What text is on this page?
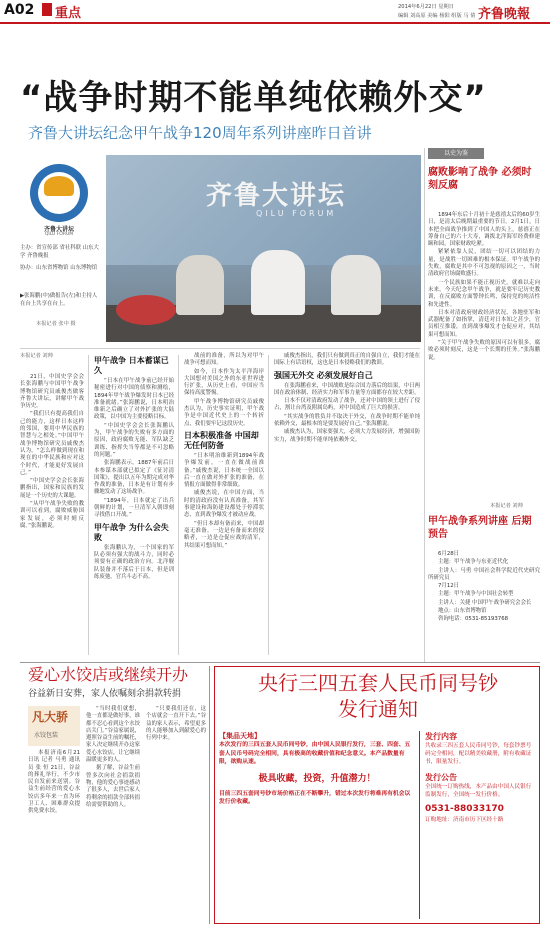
A02 重点	2014年6月22日 星期日
编辑 刘高原 美编 杨阳 组版 马 倩 齐鲁晚報
“战争时期不能单纯依赖外交”
齐鲁大讲坛纪念甲午战争120周年系列讲座昨日首讲
齐鲁大讲坛
QILU FORUM
主办：省宣传部 省社科联 山东大学 齐鲁晚报
协办：山东省博物馆 山东博物馆
▶张海鹏(中)做报告(左)和主持人在台上共享在台上。
本报记者 张中 摄
齐鲁大讲坛
QILU FORUM
以史为鉴
腐败影响了战争 必须时刻反腐

1894年东后十月初十是慈禧太后的60岁生日，是清太后晚期最重要的节日。2月1日，日本把全面战争推到了中国人的头上，慈禧正在筹备自己的六十大寿，调拨北洋海军经费修建颐和园，国家财政吃紧。

紧紧依靠人民，团结一切可以团结的力量，是战胜一切困难的根本保证。甲午战争的失败，腐败是其中不可忽视的原因之一，当时清政府官场腐败盛行。

一个民族如果不能正视历史，就难以走向未来。今天纪念甲午战争，就是要牢记历史教训，在反腐败方面警钟长鸣，保持党的纯洁性和先进性。

日本对清政府财政经济状况、各地驻军和武器配备了如指掌，清廷对日本知之甚少，官员相互推诿，直到战事爆发才仓促应对，其结果可想而知。

“关于甲午战争失败的原因可以有很多，腐败必须时刻反，这是一个长期的任务。”张海鹏说。

本报记者 刘帅
本报记者 刘帅

21日，中国史学会会长张海鹏与中国甲午战争博物馆研究员戚俊杰做客齐鲁大讲坛，讲解甲午战争历史。

“我们只有提高我们自己的能力，这样日本这样的邻国，要用中华民族的智慧与之相处。”中国甲午战争博物馆研究员戚俊杰认为，“怎么样做到现在和现在的中华民族和应对这个时代，才能更好发展自己。”

“中国史学会会长张海鹏指出，国家和民族的发展是一个历史的大课题。

“从甲午战争失败的教训可以看到，腐败威胁国家发展，必须时刻反腐。”张海鹏说。

甲午战争 日本蓄谋已久

“日本在甲午战争前已经开始秘密进行对中国的侦察和测绘，1894年甲午战争爆发时日本已经准备就绪。”张海鹏说，日本明治维新之后确立了对外扩张的大陆政策，以中国为主要侵略目标。

“中国史学会会长张海鹏认为，甲午战争的失败有多方面的原因，政府腐败无能、军队缺乏训练、指挥失当等都是不可忽略的问题。”

张海鹏表示，1887年前后日本参谋本部就已拟定了《征讨清国策》，提出以五年为期完成对华作战的准备，日本是有计划有步骤地发动了这场战争。

“1894年，日本就定了出兵朝鲜的计划，一旦清军入朝即刻寻找借口开战。”

甲午战争 为什么会失败

张海鹏认为，一个国家的军队必须有强大的战斗力，同时必须要有正确的政治方向。北洋舰队装备并不落后于日本，但是训练废弛，官兵斗志不高。

战前的准备，所以为对甲午战争可想而知。

如今，日本作为太平洋海岸大国想对美国之外的东亚世界进行扩张，从历史上看，中国应当保持高度警惕。

甲午战争博物馆研究员戚俊杰认为，历史事实证明，甲午战争是中国近代史上的一个转折点，我们要牢记这段历史。

日本积极准备 中国却无任何防备

“日本明治维新到1894年战争爆发前，一直在做战前准备。”戚俊杰说，日本统一全国以后一直在做对外扩张的准备，在情报方面做得非常细致。

戚俊杰说，在中国方面，当时的清政府没有认真准备，其军事建设和海防建设都处于停滞状态，直到战争爆发才被动应战。

“但日本却有备而来，中国却毫无准备。一边是有备而来的侵略者，一边是仓促应战的清军，其结果可想而知。”

戚俊杰指出，我们只有做到真正的自强自立，我们才能在国际上有话语权，这也是日本侵略我们的教训。

强国无外交 必须发展好自己

在张海鹏看来，中国战败是综合国力落后的结果，中日两国在政治体制、经济实力和军事力量等方面都存在较大差距。

日本不仅对清政府发动了战争，还对中国的领土进行了侵占，割让台湾及附属岛屿，对中国造成了巨大的损害。

“其实战争的胜负并不取决于外交，在战争时期不能单纯依赖外交，最根本的是要发展好自己。”张海鹏说。

戚俊杰认为，国家要强大，必须大力发展经济，增强国防实力，战争时期不能单纯依赖外交。

甲午战争系列讲座 后期预告

6月28日

主题：甲午战争与东亚近代化

主讲人：马勇 中国社会科学院近代史研究所研究员

7月12日

主题：甲午战争与中国社会转型

主讲人：关捷 中国甲午战争研究会会长

地点：山东省博物馆

咨询电话：0531-85193768

爱心水饺店或继续开办
谷益新日安葬，家人依嘱刻余捐款转捐
凡大骄
水饺包装

本报济南6月21日讯 记者 马勇 通讯员 张 恒 21日，谷益的葬礼举行，不少市民自发前来送别。谷益生前经营的爱心水饺店多年来一直为环卫工人、困难群众提供免费水饺。

“当时我们就想，他一直都是做好事，谁都不忍心看到这个水饺店关门。”谷益家属说，遵照谷益生前的嘱托，家人决定继续开办这家爱心水饺店，让它继续温暖更多的人。

据了解，谷益生前曾多次向社会捐款捐物，他的爱心事迹感动了很多人，去世后家人将剩余的捐款全部转捐给需要帮助的人。

“只要我们还在，这个店就会一直开下去。”谷益的家人表示，希望更多的人能够加入到献爱心的行列中来。

央行三四五套人民币同号钞
发行通知
【集品天地】
本次发行的三四五套人民币同号钞，由中国人民银行发行，三套、四套、五套人民币号码完全相同，具有极高的收藏价值和纪念意义。本产品数量有限，欲购从速。
极具收藏，投资，升值潜力！
目前三四五套同号钞市场价格正在不断攀升，错过本次发行将难再有机会以发行价收藏。
发行内容
共收录三四五套人民币同号钞，每套钞票号码完全相同，配以精美收藏册，附有收藏证书，限量发行。
发行公告
全国统一订购热线，本产品由中国人民银行监制发行，全国统一发行价格。
0531-88033170
订购地址：济南市历下区经十路
